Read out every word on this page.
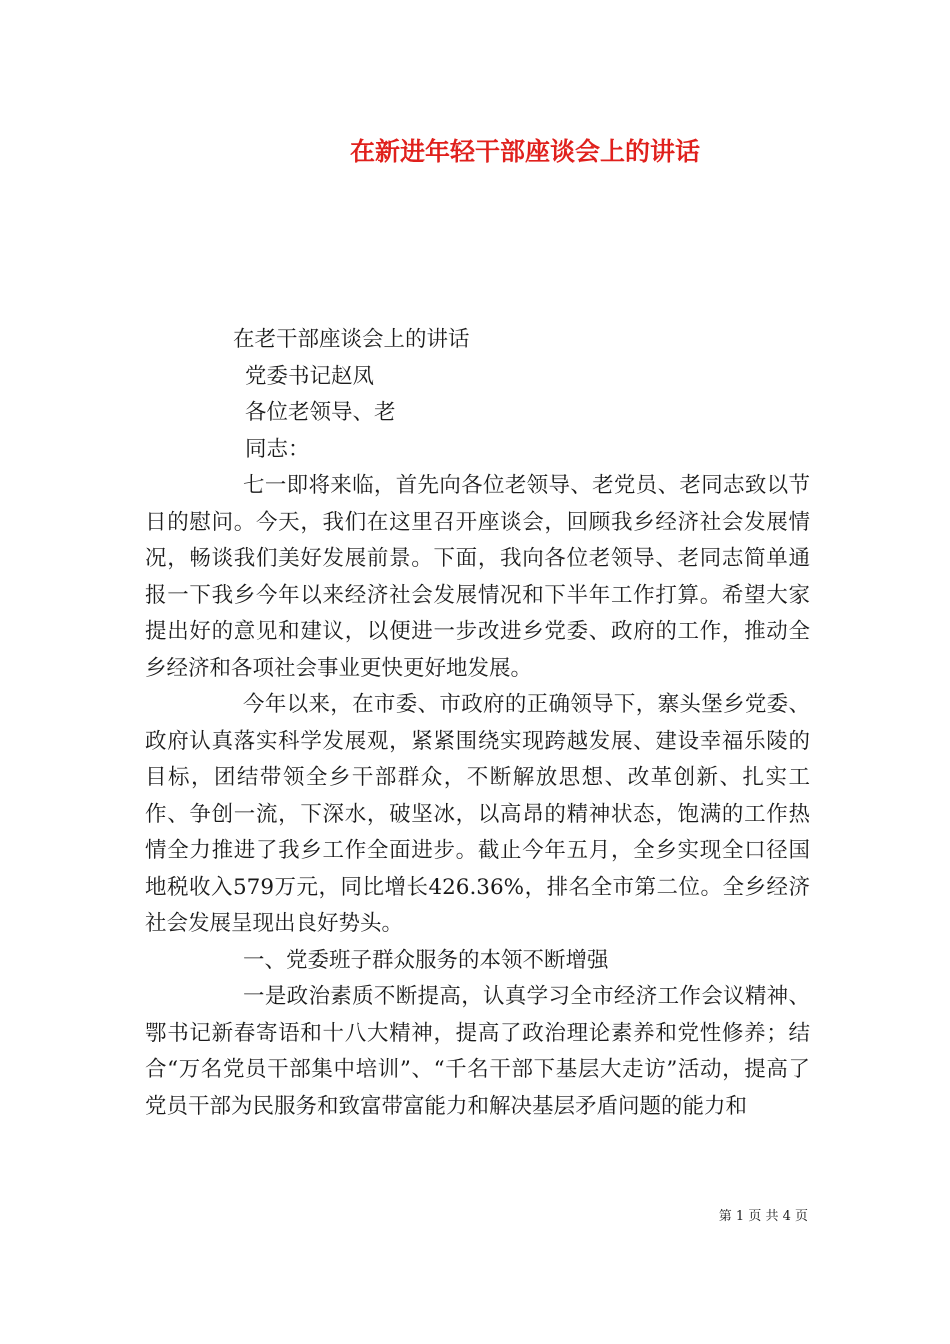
在新进年轻干部座谈会上的讲话
在老干部座谈会上的讲话
党委书记赵凤
各位老领导、老
同志：
七一即将来临，首先向各位老领导、老党员、老同志致以节日的慰问。今天，我们在这里召开座谈会，回顾我乡经济社会发展情况，畅谈我们美好发展前景。下面，我向各位老领导、老同志简单通报一下我乡今年以来经济社会发展情况和下半年工作打算。希望大家提出好的意见和建议，以便进一步改进乡党委、政府的工作，推动全乡经济和各项社会事业更快更好地发展。
今年以来，在市委、市政府的正确领导下，寨头堡乡党委、政府认真落实科学发展观，紧紧围绕实现跨越发展、建设幸福乐陵的目标，团结带领全乡干部群众，不断解放思想、改革创新、扎实工作、争创一流，下深水，破坚冰，以高昂的精神状态，饱满的工作热情全力推进了我乡工作全面进步。截止今年五月，全乡实现全口径国地税收入579万元，同比增长426.36%，排名全市第二位。全乡经济社会发展呈现出良好势头。
一、党委班子群众服务的本领不断增强
一是政治素质不断提高，认真学习全市经济工作会议精神、鄂书记新春寄语和十八大精神，提高了政治理论素养和党性修养；结合“万名党员干部集中培训”、“千名干部下基层大走访”活动，提高了党员干部为民服务和致富带富能力和解决基层矛盾问题的能力和
第 1 页 共 4 页
